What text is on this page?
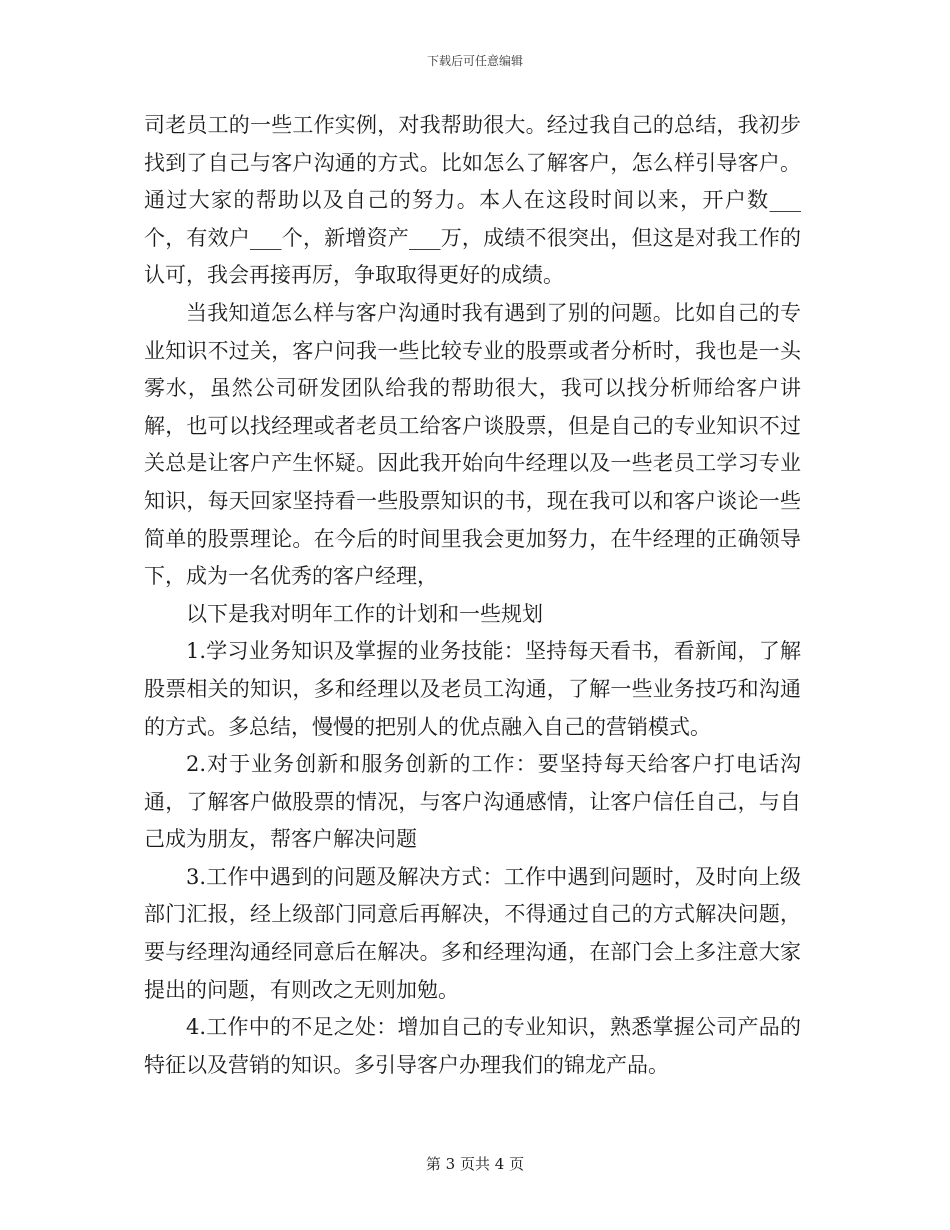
下载后可任意编辑

司老员工的一些工作实例，对我帮助很大。经过我自己的总结，我初步找到了自己与客户沟通的方式。比如怎么了解客户，怎么样引导客户。通过大家的帮助以及自己的努力。本人在这段时间以来，开户数___个，有效户___个，新增资产___万，成绩不很突出，但这是对我工作的认可，我会再接再厉，争取取得更好的成绩。

当我知道怎么样与客户沟通时我有遇到了别的问题。比如自己的专业知识不过关，客户问我一些比较专业的股票或者分析时，我也是一头雾水，虽然公司研发团队给我的帮助很大，我可以找分析师给客户讲解，也可以找经理或者老员工给客户谈股票，但是自己的专业知识不过关总是让客户产生怀疑。因此我开始向牛经理以及一些老员工学习专业知识，每天回家坚持看一些股票知识的书，现在我可以和客户谈论一些简单的股票理论。在今后的时间里我会更加努力，在牛经理的正确领导下，成为一名优秀的客户经理，

以下是我对明年工作的计划和一些规划

1.学习业务知识及掌握的业务技能：坚持每天看书，看新闻，了解股票相关的知识，多和经理以及老员工沟通，了解一些业务技巧和沟通的方式。多总结，慢慢的把别人的优点融入自己的营销模式。

2.对于业务创新和服务创新的工作：要坚持每天给客户打电话沟通，了解客户做股票的情况，与客户沟通感情，让客户信任自己，与自己成为朋友，帮客户解决问题

3.工作中遇到的问题及解决方式：工作中遇到问题时，及时向上级部门汇报，经上级部门同意后再解决，不得通过自己的方式解决问题，要与经理沟通经同意后在解决。多和经理沟通，在部门会上多注意大家提出的问题，有则改之无则加勉。

4.工作中的不足之处：增加自己的专业知识，熟悉掌握公司产品的特征以及营销的知识。多引导客户办理我们的锦龙产品。

第 3 页共 4 页
